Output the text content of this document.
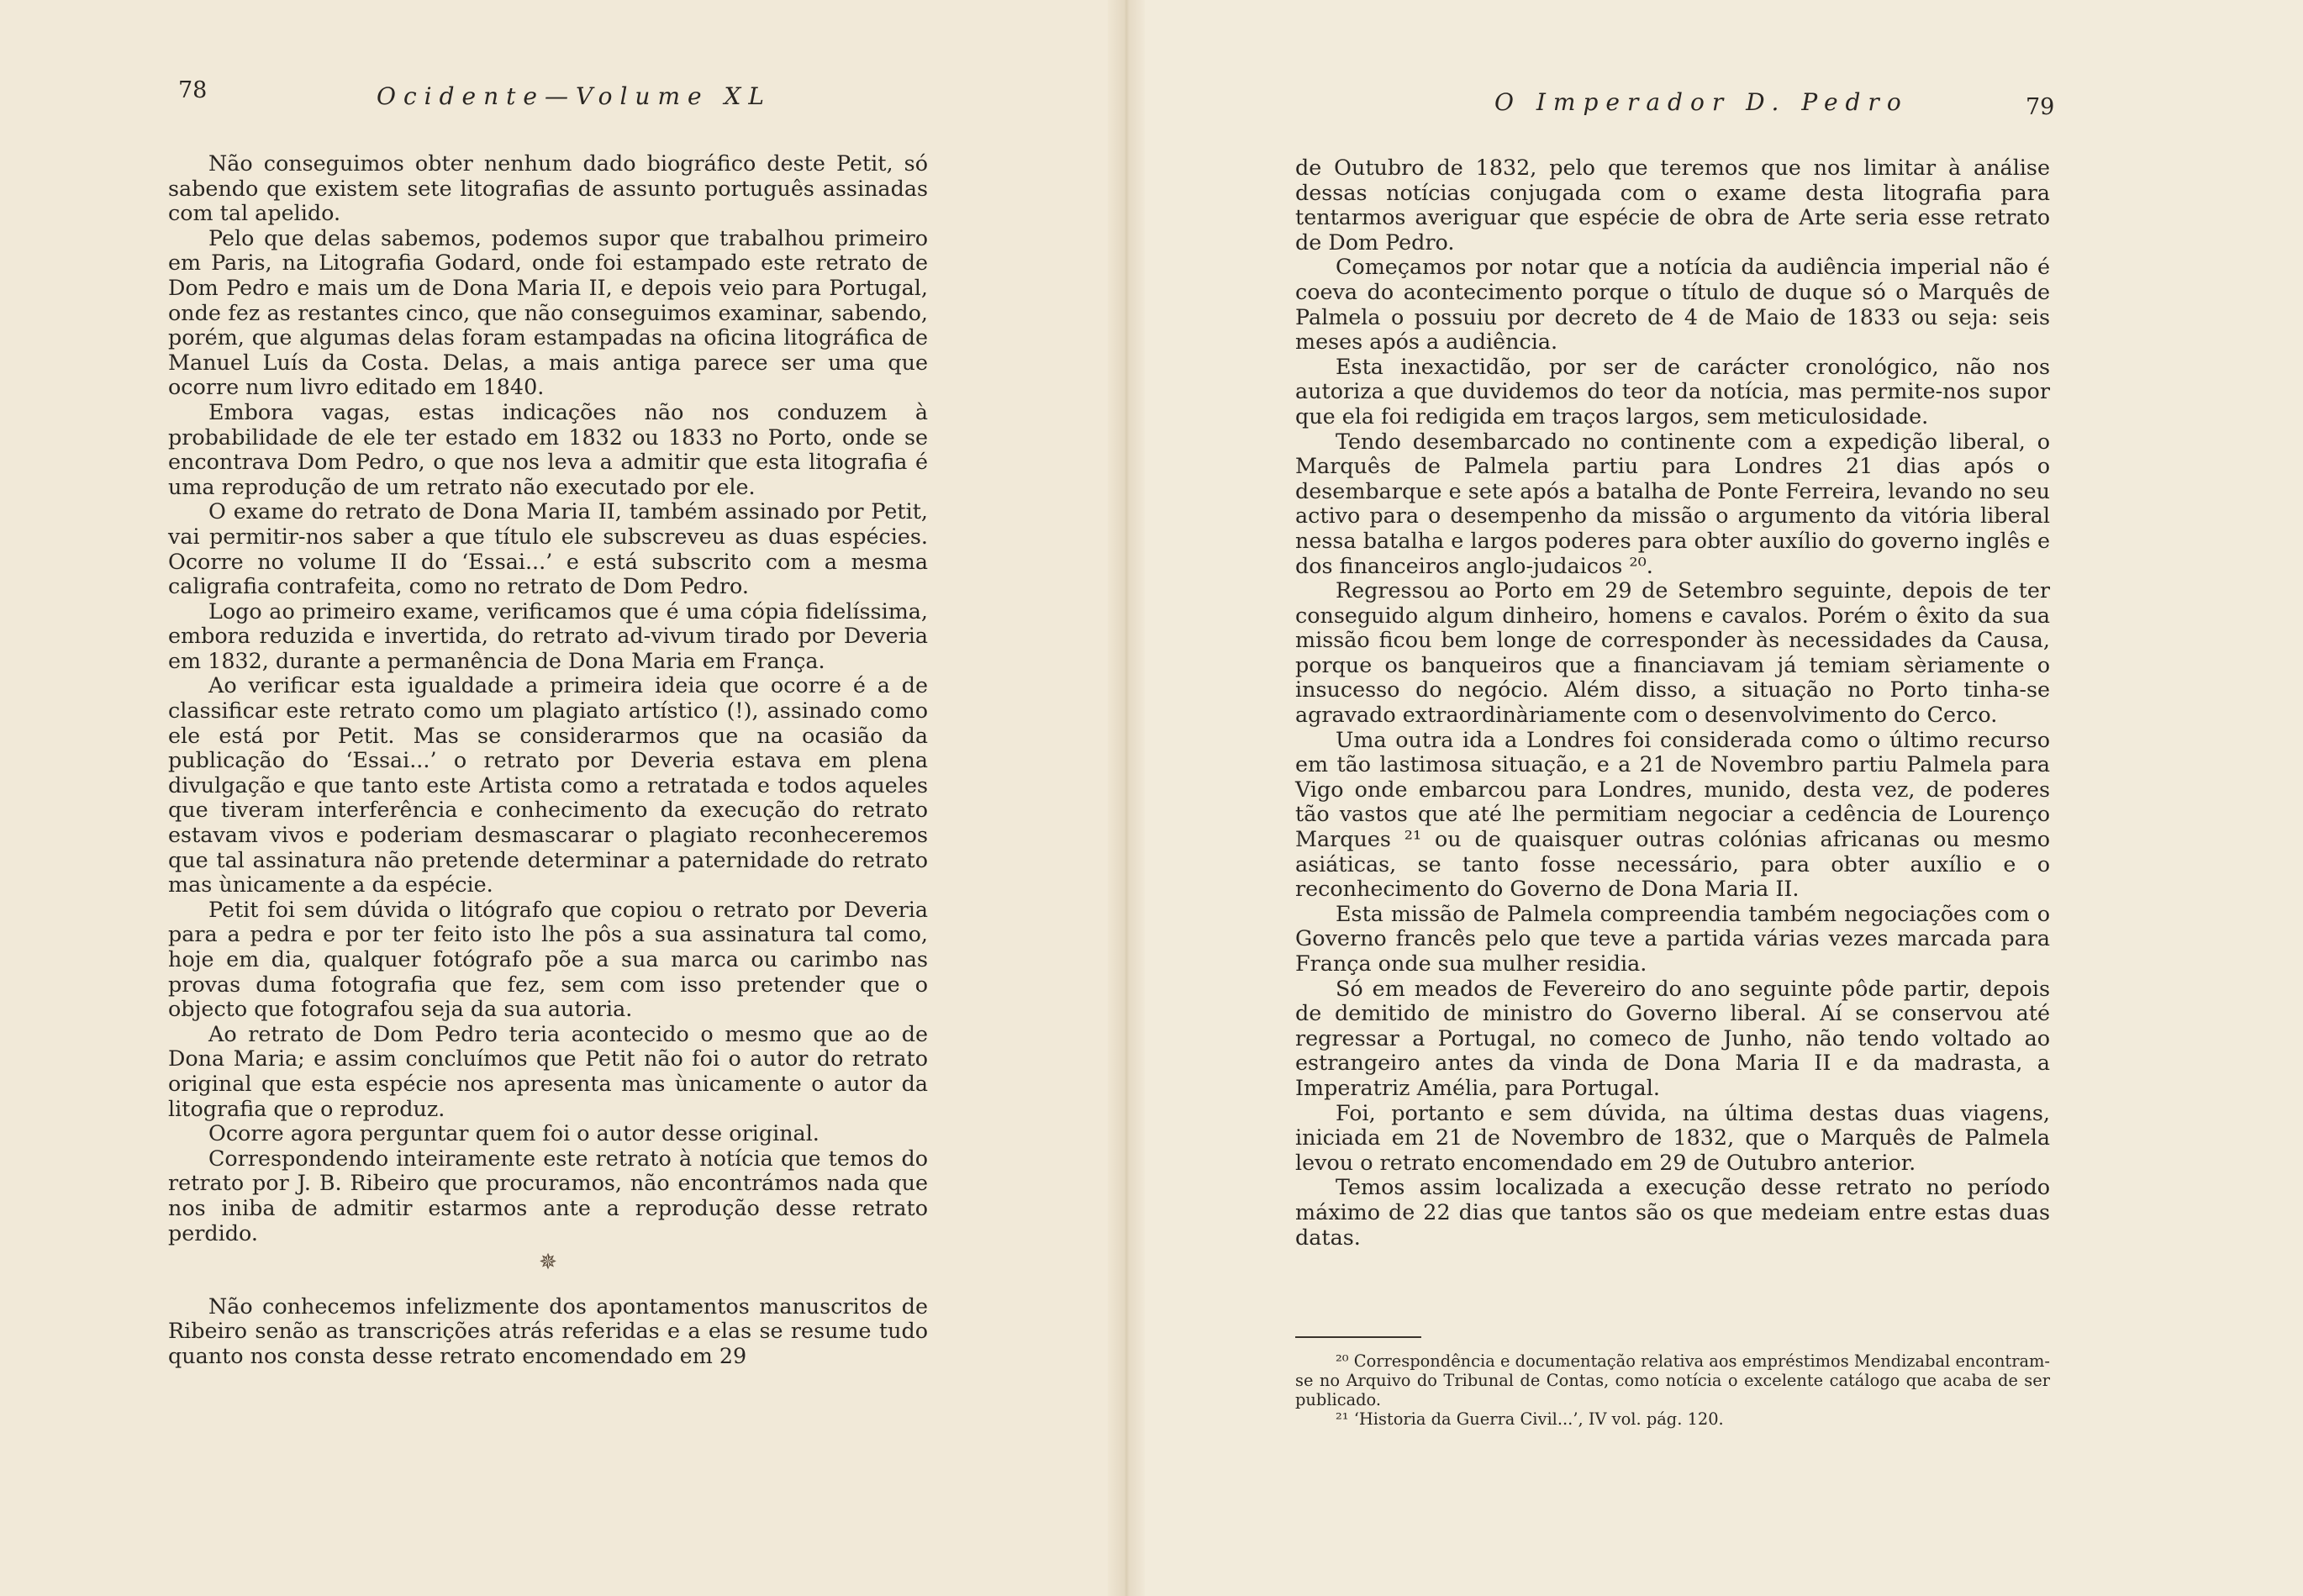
78	Ocidente—Volume XL

Não conseguimos obter nenhum dado biográfico deste Petit, só sabendo que existem sete litografias de assunto português assinadas com tal apelido.

Pelo que delas sabemos, podemos supor que trabalhou primeiro em Paris, na Litografia Godard, onde foi estampado este retrato de Dom Pedro e mais um de Dona Maria II, e depois veio para Portugal, onde fez as restantes cinco, que não conseguimos examinar, sabendo, porém, que algumas delas foram estampadas na oficina litográfica de Manuel Luís da Costa. Delas, a mais antiga parece ser uma que ocorre num livro editado em 1840.

Embora vagas, estas indicações não nos conduzem à probabilidade de ele ter estado em 1832 ou 1833 no Porto, onde se encontrava Dom Pedro, o que nos leva a admitir que esta litografia é uma reprodução de um retrato não executado por ele.

O exame do retrato de Dona Maria II, também assinado por Petit, vai permitir-nos saber a que título ele subscreveu as duas espécies. Ocorre no volume II do ‘Essai...’ e está subscrito com a mesma caligrafia contrafeita, como no retrato de Dom Pedro.

Logo ao primeiro exame, verificamos que é uma cópia fidelíssima, embora reduzida e invertida, do retrato ad-vivum tirado por Deveria em 1832, durante a permanência de Dona Maria em França.

Ao verificar esta igualdade a primeira ideia que ocorre é a de classificar este retrato como um plagiato artístico (!), assinado como ele está por Petit. Mas se considerarmos que na ocasião da publicação do ‘Essai...’ o retrato por Deveria estava em plena divulgação e que tanto este Artista como a retratada e todos aqueles que tiveram interferência e conhecimento da execução do retrato estavam vivos e poderiam desmascarar o plagiato reconheceremos que tal assinatura não pretende determinar a paternidade do retrato mas ùnicamente a da espécie.

Petit foi sem dúvida o litógrafo que copiou o retrato por Deveria para a pedra e por ter feito isto lhe pôs a sua assinatura tal como, hoje em dia, qualquer fotógrafo põe a sua marca ou carimbo nas provas duma fotografia que fez, sem com isso pretender que o objecto que fotografou seja da sua autoria.

Ao retrato de Dom Pedro teria acontecido o mesmo que ao de Dona Maria; e assim concluímos que Petit não foi o autor do retrato original que esta espécie nos apresenta mas ùnicamente o autor da litografia que o reproduz.

Ocorre agora perguntar quem foi o autor desse original.

Correspondendo inteiramente este retrato à notícia que temos do retrato por J. B. Ribeiro que procuramos, não encontrámos nada que nos iniba de admitir estarmos ante a reprodução desse retrato perdido.

✵

Não conhecemos infelizmente dos apontamentos manuscritos de Ribeiro senão as transcrições atrás referidas e a elas se resume tudo quanto nos consta desse retrato encomendado em 29

O Imperador D. Pedro	79

de Outubro de 1832, pelo que teremos que nos limitar à análise dessas notícias conjugada com o exame desta litografia para tentarmos averiguar que espécie de obra de Arte seria esse retrato de Dom Pedro.

Começamos por notar que a notícia da audiência imperial não é coeva do acontecimento porque o título de duque só o Marquês de Palmela o possuiu por decreto de 4 de Maio de 1833 ou seja: seis meses após a audiência.

Esta inexactidão, por ser de carácter cronológico, não nos autoriza a que duvidemos do teor da notícia, mas permite-nos supor que ela foi redigida em traços largos, sem meticulosidade.

Tendo desembarcado no continente com a expedição liberal, o Marquês de Palmela partiu para Londres 21 dias após o desembarque e sete após a batalha de Ponte Ferreira, levando no seu activo para o desempenho da missão o argumento da vitória liberal nessa batalha e largos poderes para obter auxílio do governo inglês e dos financeiros anglo-judaicos ²⁰.

Regressou ao Porto em 29 de Setembro seguinte, depois de ter conseguido algum dinheiro, homens e cavalos. Porém o êxito da sua missão ficou bem longe de corresponder às necessidades da Causa, porque os banqueiros que a financiavam já temiam sèriamente o insucesso do negócio. Além disso, a situação no Porto tinha-se agravado extraordinàriamente com o desenvolvimento do Cerco.

Uma outra ida a Londres foi considerada como o último recurso em tão lastimosa situação, e a 21 de Novembro partiu Palmela para Vigo onde embarcou para Londres, munido, desta vez, de poderes tão vastos que até lhe permitiam negociar a cedência de Lourenço Marques ²¹ ou de quaisquer outras colónias africanas ou mesmo asiáticas, se tanto fosse necessário, para obter auxílio e o reconhecimento do Governo de Dona Maria II.

Esta missão de Palmela compreendia também negociações com o Governo francês pelo que teve a partida várias vezes marcada para França onde sua mulher residia.

Só em meados de Fevereiro do ano seguinte pôde partir, depois de demitido de ministro do Governo liberal. Aí se conservou até regressar a Portugal, no comeco de Junho, não tendo voltado ao estrangeiro antes da vinda de Dona Maria II e da madrasta, a Imperatriz Amélia, para Portugal.

Foi, portanto e sem dúvida, na última destas duas viagens, iniciada em 21 de Novembro de 1832, que o Marquês de Palmela levou o retrato encomendado em 29 de Outubro anterior.

Temos assim localizada a execução desse retrato no período máximo de 22 dias que tantos são os que medeiam entre estas duas datas.

²⁰ Correspondência e documentação relativa aos empréstimos Mendizabal encontram-se no Arquivo do Tribunal de Contas, como notícia o excelente catálogo que acaba de ser publicado.

²¹ ‘Historia da Guerra Civil...’, IV vol. pág. 120.
